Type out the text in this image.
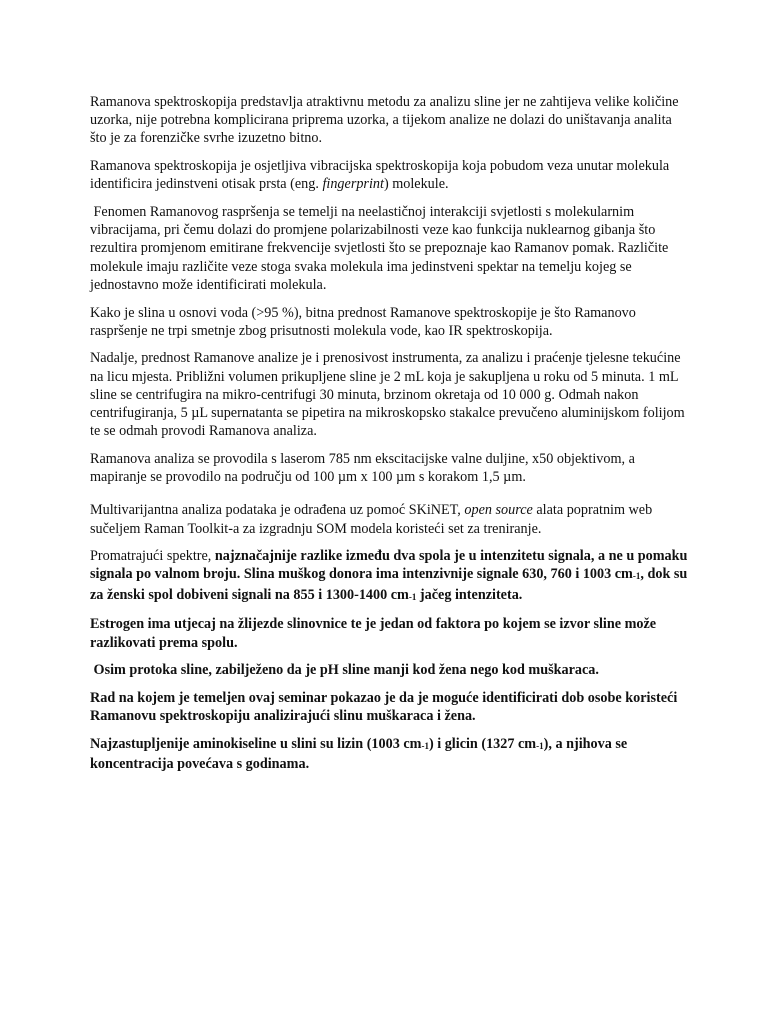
Ramanova spektroskopija predstavlja atraktivnu metodu za analizu sline jer ne zahtijeva velike količine uzorka, nije potrebna komplicirana priprema uzorka, a tijekom analize ne dolazi do uništavanja analita što je za forenzičke svrhe izuzetno bitno.

Ramanova spektroskopija je osjetljiva vibracijska spektroskopija koja pobudom veza unutar molekula identificira jedinstveni otisak prsta (eng. fingerprint) molekule.

Fenomen Ramanovog raspršenja se temelji na neelastičnoj interakciji svjetlosti s molekularnim vibracijama, pri čemu dolazi do promjene polarizabilnosti veze kao funkcija nuklearnog gibanja što rezultira promjenom emitirane frekvencije svjetlosti što se prepoznaje kao Ramanov pomak. Različite molekule imaju različite veze stoga svaka molekula ima jedinstveni spektar na temelju kojeg se jednostavno može identificirati molekula.

Kako je slina u osnovi voda (>95 %), bitna prednost Ramanove spektroskopije je što Ramanovo raspršenje ne trpi smetnje zbog prisutnosti molekula vode, kao IR spektroskopija.

Nadalje, prednost Ramanove analize je i prenosivost instrumenta, za analizu i praćenje tjelesne tekućine na licu mjesta. Približni volumen prikupljene sline je 2 mL koja je sakupljena u roku od 5 minuta. 1 mL sline se centrifugira na mikro-centrifugi 30 minuta, brzinom okretaja od 10 000 g. Odmah nakon centrifugiranja, 5 µL supernatanta se pipetira na mikroskopsko stakalce prevučeno aluminijskom folijom te se odmah provodi Ramanova analiza.

Ramanova analiza se provodila s laserom 785 nm ekscitacijske valne duljine, x50 objektivom, a mapiranje se provodilo na području od 100 µm x 100 µm s korakom 1,5 µm.

Multivarijantna analiza podataka je odrađena uz pomoć SKiNET, open source alata popratnim web sučeljem Raman Toolkit-a za izgradnju SOM modela koristeći set za treniranje.

Promatrajući spektre, najznačajnije razlike između dva spola je u intenzitetu signala, a ne u pomaku signala po valnom broju. Slina muškog donora ima intenzivnije signale 630, 760 i 1003 cm-1, dok su za ženski spol dobiveni signali na 855 i 1300-1400 cm-1 jačeg intenziteta.

Estrogen ima utjecaj na žlijezde slinovnice te je jedan od faktora po kojem se izvor sline može razlikovati prema spolu.

Osim protoka sline, zabilježeno da je pH sline manji kod žena nego kod muškaraca.

Rad na kojem je temeljen ovaj seminar pokazao je da je moguće identificirati dob osobe koristeći Ramanovu spektroskopiju analizirajući slinu muškaraca i žena.

Najzastupljenije aminokiseline u slini su lizin (1003 cm-1) i glicin (1327 cm-1), a njihova se koncentracija povećava s godinama.
